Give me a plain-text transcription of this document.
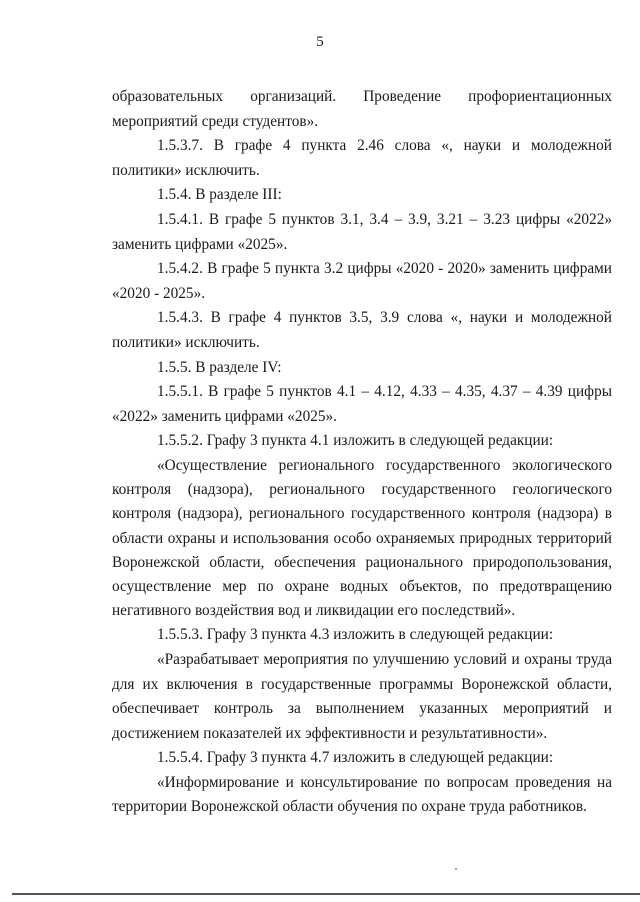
5

образовательных организаций. Проведение профориентационных мероприятий среди студентов».

1.5.3.7. В графе 4 пункта 2.46 слова «, науки и молодежной политики» исключить.

1.5.4. В разделе III:

1.5.4.1. В графе 5 пунктов 3.1, 3.4 – 3.9, 3.21 – 3.23 цифры «2022» заменить цифрами «2025».

1.5.4.2. В графе 5 пункта 3.2 цифры «2020 - 2020» заменить цифрами «2020 - 2025».

1.5.4.3. В графе 4 пунктов 3.5, 3.9 слова «, науки и молодежной политики» исключить.

1.5.5. В разделе IV:

1.5.5.1. В графе 5 пунктов 4.1 – 4.12, 4.33 – 4.35, 4.37 – 4.39 цифры «2022» заменить цифрами «2025».

1.5.5.2. Графу 3 пункта 4.1 изложить в следующей редакции:

«Осуществление регионального государственного экологического контроля (надзора), регионального государственного геологического контроля (надзора), регионального государственного контроля (надзора) в области охраны и использования особо охраняемых природных территорий Воронежской области, обеспечения рационального природопользования, осуществление мер по охране водных объектов, по предотвращению негативного воздействия вод и ликвидации его последствий».

1.5.5.3. Графу 3 пункта 4.3 изложить в следующей редакции:

«Разрабатывает мероприятия по улучшению условий и охраны труда для их включения в государственные программы Воронежской области, обеспечивает контроль за выполнением указанных мероприятий и достижением показателей их эффективности и результативности».

1.5.5.4. Графу 3 пункта 4.7 изложить в следующей редакции:

«Информирование и консультирование по вопросам проведения на территории Воронежской области обучения по охране труда работников.
